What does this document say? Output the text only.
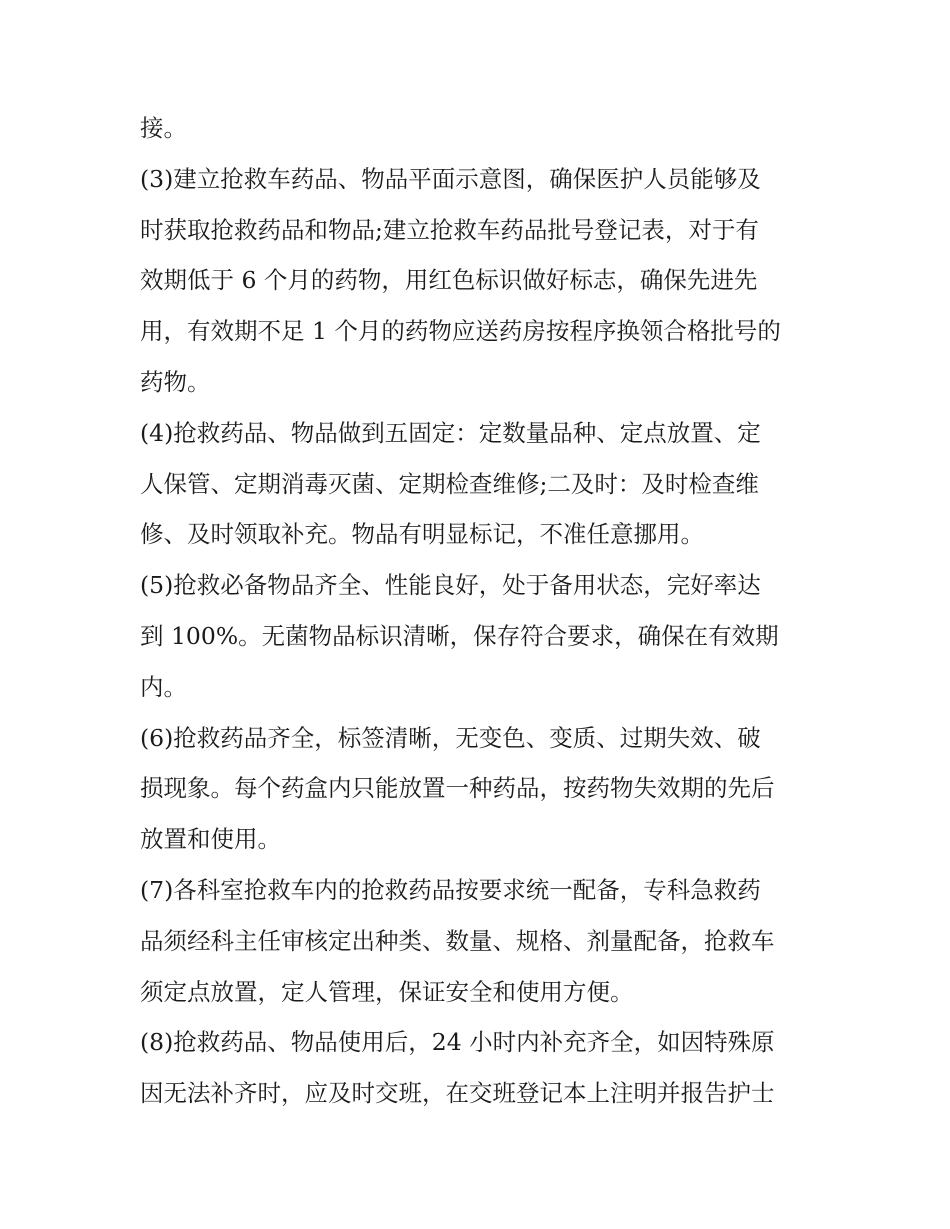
接。
(3)建立抢救车药品、物品平面示意图，确保医护人员能够及
时获取抢救药品和物品;建立抢救车药品批号登记表，对于有
效期低于 6 个月的药物，用红色标识做好标志，确保先进先
用，有效期不足 1 个月的药物应送药房按程序换领合格批号的
药物。
(4)抢救药品、物品做到五固定：定数量品种、定点放置、定
人保管、定期消毒灭菌、定期检查维修;二及时：及时检查维
修、及时领取补充。物品有明显标记，不准任意挪用。
(5)抢救必备物品齐全、性能良好，处于备用状态，完好率达
到 100%。无菌物品标识清晰，保存符合要求，确保在有效期
内。
(6)抢救药品齐全，标签清晰，无变色、变质、过期失效、破
损现象。每个药盒内只能放置一种药品，按药物失效期的先后
放置和使用。
(7)各科室抢救车内的抢救药品按要求统一配备，专科急救药
品须经科主任审核定出种类、数量、规格、剂量配备，抢救车
须定点放置，定人管理，保证安全和使用方便。
(8)抢救药品、物品使用后，24 小时内补充齐全，如因特殊原
因无法补齐时，应及时交班，在交班登记本上注明并报告护士
